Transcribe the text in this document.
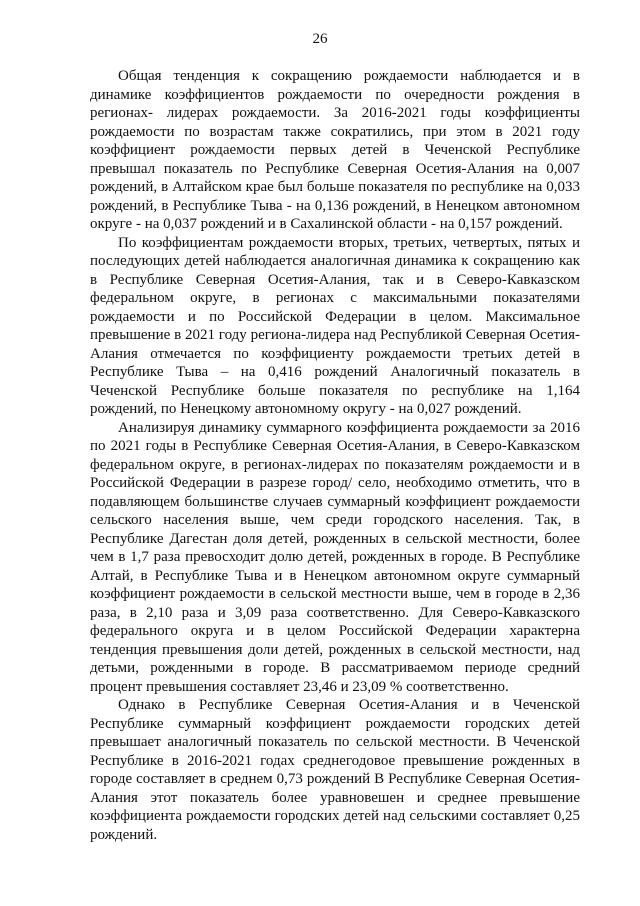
26

Общая тенденция к сокращению рождаемости наблюдается и в динамике коэффициентов рождаемости по очередности рождения в регионах- лидерах рождаемости. За 2016-2021 годы коэффициенты рождаемости по возрастам также сократились, при этом в 2021 году коэффициент рождаемости первых детей в Чеченской Республике превышал показатель по Республике Северная Осетия-Алания на 0,007 рождений, в Алтайском крае был больше показателя по республике на 0,033 рождений, в Республике Тыва - на 0,136 рождений, в Ненецком автономном округе - на 0,037 рождений и в Сахалинской области - на 0,157 рождений.

По коэффициентам рождаемости вторых, третьих, четвертых, пятых и последующих детей наблюдается аналогичная динамика к сокращению как в Республике Северная Осетия-Алания, так и в Северо-Кавказском федеральном округе, в регионах с максимальными показателями рождаемости и по Российской Федерации в целом. Максимальное превышение в 2021 году региона-лидера над Республикой Северная Осетия-Алания отмечается по коэффициенту рождаемости третьих детей в Республике Тыва – на 0,416 рождений Аналогичный показатель в Чеченской Республике больше показателя по республике на 1,164 рождений, по Ненецкому автономному округу - на 0,027 рождений.

Анализируя динамику суммарного коэффициента рождаемости за 2016 по 2021 годы в Республике Северная Осетия-Алания, в Северо-Кавказском федеральном округе, в регионах-лидерах по показателям рождаемости и в Российской Федерации в разрезе город/ село, необходимо отметить, что в подавляющем большинстве случаев суммарный коэффициент рождаемости сельского населения выше, чем среди городского населения. Так, в Республике Дагестан доля детей, рожденных в сельской местности, более чем в 1,7 раза превосходит долю детей, рожденных в городе. В Республике Алтай, в Республике Тыва и в Ненецком автономном округе суммарный коэффициент рождаемости в сельской местности выше, чем в городе в 2,36 раза, в 2,10 раза и 3,09 раза соответственно. Для Северо-Кавказского федерального округа и в целом Российской Федерации характерна тенденция превышения доли детей, рожденных в сельской местности, над детьми, рожденными в городе. В рассматриваемом периоде средний процент превышения составляет 23,46 и 23,09 % соответственно.

Однако в Республике Северная Осетия-Алания и в Чеченской Республике суммарный коэффициент рождаемости городских детей превышает аналогичный показатель по сельской местности. В Чеченской Республике в 2016-2021 годах среднегодовое превышение рожденных в городе составляет в среднем 0,73 рождений В Республике Северная Осетия-Алания этот показатель более уравновешен и среднее превышение коэффициента рождаемости городских детей над сельскими составляет 0,25 рождений.
